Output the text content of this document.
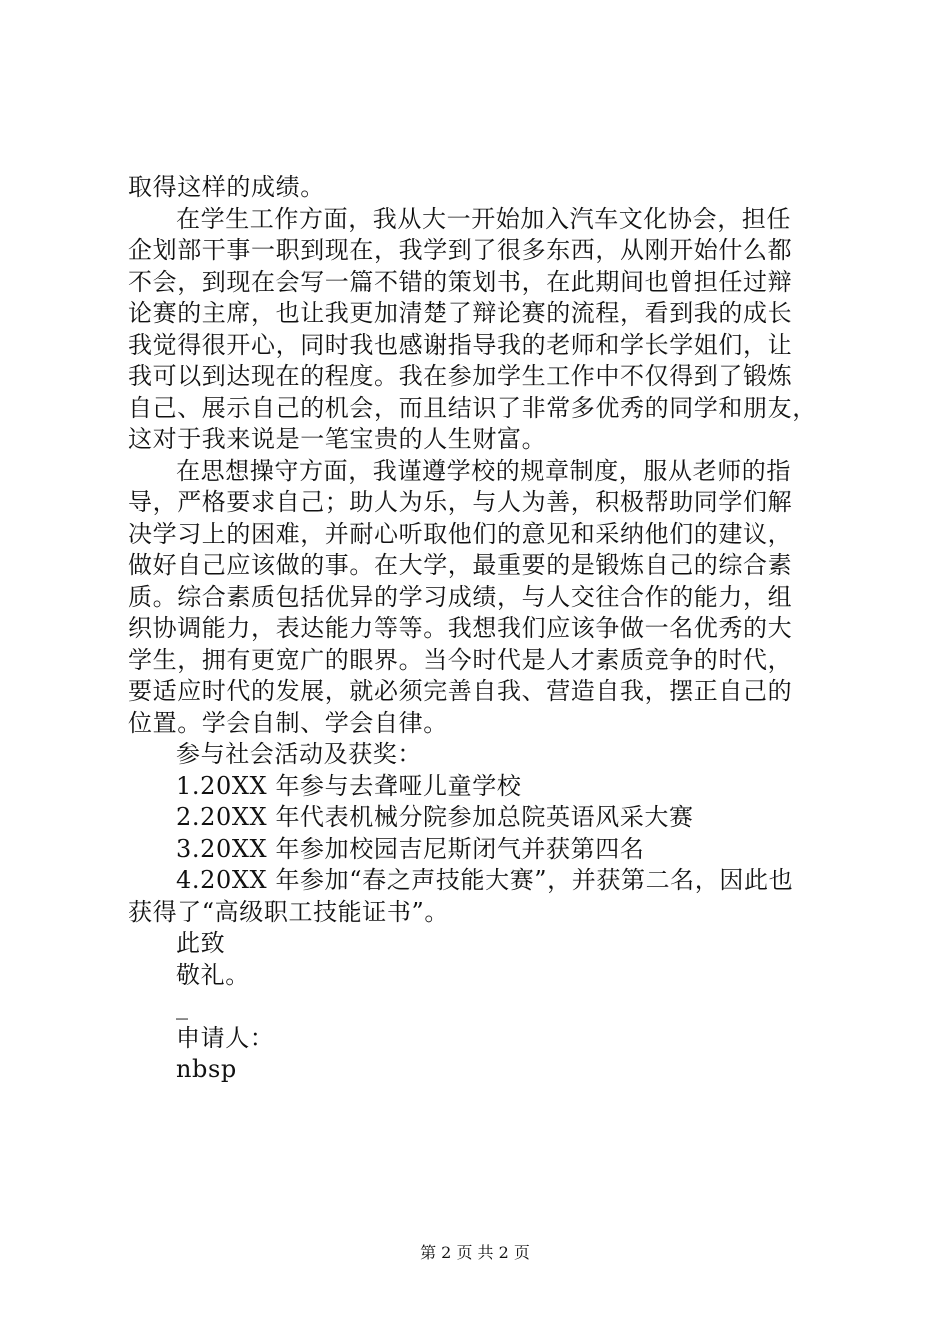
取得这样的成绩。
在学生工作方面，我从大一开始加入汽车文化协会，担任
企划部干事一职到现在，我学到了很多东西，从刚开始什么都
不会，到现在会写一篇不错的策划书，在此期间也曾担任过辩
论赛的主席，也让我更加清楚了辩论赛的流程，看到我的成长
我觉得很开心，同时我也感谢指导我的老师和学长学姐们，让
我可以到达现在的程度。我在参加学生工作中不仅得到了锻炼
自己、展示自己的机会，而且结识了非常多优秀的同学和朋友，
这对于我来说是一笔宝贵的人生财富。
在思想操守方面，我谨遵学校的规章制度，服从老师的指
导，严格要求自己；助人为乐，与人为善，积极帮助同学们解
决学习上的困难，并耐心听取他们的意见和采纳他们的建议，
做好自己应该做的事。在大学，最重要的是锻炼自己的综合素
质。综合素质包括优异的学习成绩，与人交往合作的能力，组
织协调能力，表达能力等等。我想我们应该争做一名优秀的大
学生，拥有更宽广的眼界。当今时代是人才素质竞争的时代，
要适应时代的发展，就必须完善自我、营造自我，摆正自己的
位置。学会自制、学会自律。
参与社会活动及获奖：
1.20XX 年参与去聋哑儿童学校
2.20XX 年代表机械分院参加总院英语风采大赛
3.20XX 年参加校园吉尼斯闭气并获第四名
4.20XX 年参加“春之声技能大赛”，并获第二名，因此也
获得了“高级职工技能证书”。
此致
敬礼。
_
申请人：
nbsp
第 2 页 共 2 页
